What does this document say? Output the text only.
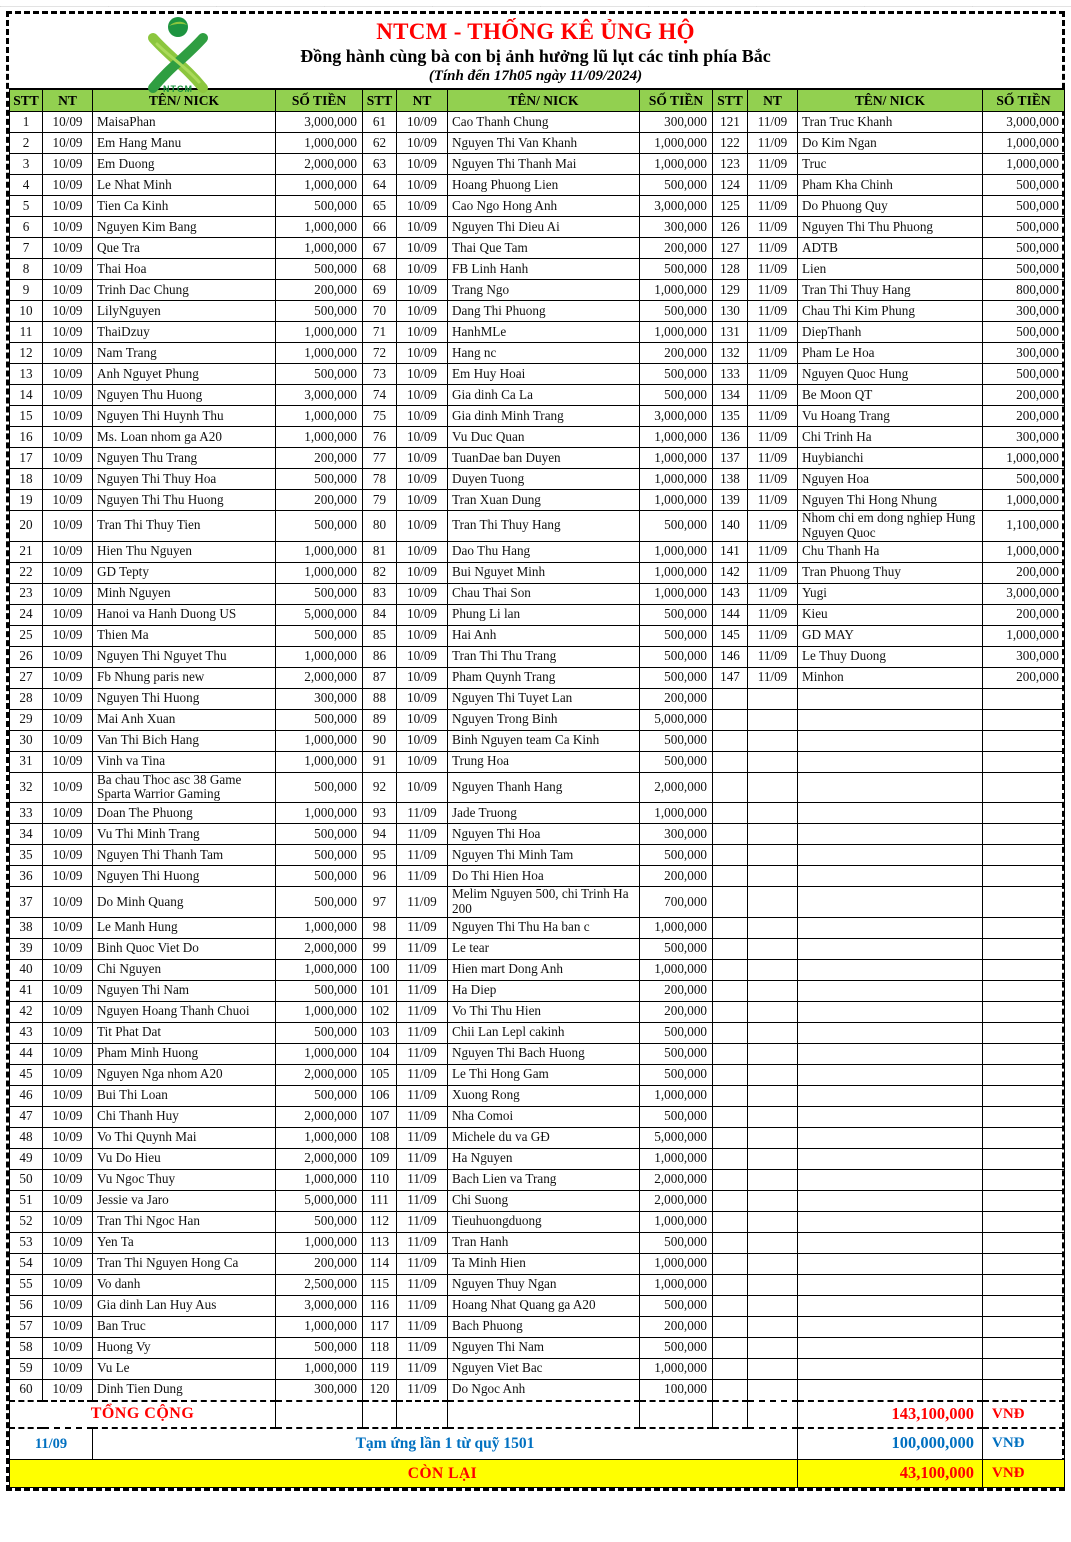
NTCM
NTCM - THỐNG KÊ ỦNG HỘ
Đồng hành cùng bà con bị ảnh hưởng lũ lụt các tỉnh phía Bắc
(Tính đến 17h05 ngày 11/09/2024)
STT	NT	TÊN/ NICK	SỐ TIỀN	STT	NT	TÊN/ NICK	SỐ TIỀN	STT	NT	TÊN/ NICK	SỐ TIỀN
1	10/09	MaisaPhan	3,000,000	61	10/09	Cao Thanh Chung	300,000	121	11/09	Tran Truc Khanh	3,000,000
2	10/09	Em Hang Manu	1,000,000	62	10/09	Nguyen Thi Van Khanh	1,000,000	122	11/09	Do Kim Ngan	1,000,000
3	10/09	Em Duong	2,000,000	63	10/09	Nguyen Thi Thanh Mai	1,000,000	123	11/09	Truc	1,000,000
4	10/09	Le Nhat Minh	1,000,000	64	10/09	Hoang Phuong Lien	500,000	124	11/09	Pham Kha Chinh	500,000
5	10/09	Tien Ca Kinh	500,000	65	10/09	Cao Ngo Hong Anh	3,000,000	125	11/09	Do Phuong Quy	500,000
6	10/09	Nguyen Kim Bang	1,000,000	66	10/09	Nguyen Thi Dieu Ai	300,000	126	11/09	Nguyen Thi Thu Phuong	500,000
7	10/09	Que Tra	1,000,000	67	10/09	Thai Que Tam	200,000	127	11/09	ADTB	500,000
8	10/09	Thai Hoa	500,000	68	10/09	FB Linh Hanh	500,000	128	11/09	Lien	500,000
9	10/09	Trinh Dac Chung	200,000	69	10/09	Trang Ngo	1,000,000	129	11/09	Tran Thi Thuy Hang	800,000
10	10/09	LilyNguyen	500,000	70	10/09	Dang Thi Phuong	500,000	130	11/09	Chau Thi Kim Phung	300,000
11	10/09	ThaiDzuy	1,000,000	71	10/09	HanhMLe	1,000,000	131	11/09	DiepThanh	500,000
12	10/09	Nam Trang	1,000,000	72	10/09	Hang nc	200,000	132	11/09	Pham Le Hoa	300,000
13	10/09	Anh Nguyet Phung	500,000	73	10/09	Em Huy Hoai	500,000	133	11/09	Nguyen Quoc Hung	500,000
14	10/09	Nguyen Thu Huong	3,000,000	74	10/09	Gia dinh Ca La	500,000	134	11/09	Be Moon QT	200,000
15	10/09	Nguyen Thi Huynh Thu	1,000,000	75	10/09	Gia dinh Minh Trang	3,000,000	135	11/09	Vu Hoang Trang	200,000
16	10/09	Ms. Loan nhom ga A20	1,000,000	76	10/09	Vu Duc Quan	1,000,000	136	11/09	Chi Trinh Ha	300,000
17	10/09	Nguyen Thu Trang	200,000	77	10/09	TuanDae ban Duyen	1,000,000	137	11/09	Huybianchi	1,000,000
18	10/09	Nguyen Thi Thuy Hoa	500,000	78	10/09	Duyen Tuong	1,000,000	138	11/09	Nguyen Hoa	500,000
19	10/09	Nguyen Thi Thu Huong	200,000	79	10/09	Tran Xuan Dung	1,000,000	139	11/09	Nguyen Thi Hong Nhung	1,000,000
20	10/09	Tran Thi Thuy Tien	500,000	80	10/09	Tran Thi Thuy Hang	500,000	140	11/09	Nhom chi em dong nghiep Hung Nguyen Quoc	1,100,000
21	10/09	Hien Thu Nguyen	1,000,000	81	10/09	Dao Thu Hang	1,000,000	141	11/09	Chu Thanh Ha	1,000,000
22	10/09	GD Tepty	1,000,000	82	10/09	Bui Nguyet Minh	1,000,000	142	11/09	Tran Phuong Thuy	200,000
23	10/09	Minh Nguyen	500,000	83	10/09	Chau Thai Son	1,000,000	143	11/09	Yugi	3,000,000
24	10/09	Hanoi va Hanh Duong US	5,000,000	84	10/09	Phung Li lan	500,000	144	11/09	Kieu	200,000
25	10/09	Thien Ma	500,000	85	10/09	Hai Anh	500,000	145	11/09	GD MAY	1,000,000
26	10/09	Nguyen Thi Nguyet Thu	1,000,000	86	10/09	Tran Thi Thu Trang	500,000	146	11/09	Le Thuy Duong	300,000
27	10/09	Fb Nhung paris new	2,000,000	87	10/09	Pham Quynh Trang	500,000	147	11/09	Minhon	200,000
28	10/09	Nguyen Thi Huong	300,000	88	10/09	Nguyen Thi Tuyet Lan	200,000				
29	10/09	Mai Anh Xuan	500,000	89	10/09	Nguyen Trong Binh	5,000,000				
30	10/09	Van Thi Bich Hang	1,000,000	90	10/09	Binh Nguyen team Ca Kinh	500,000				
31	10/09	Vinh va Tina	1,000,000	91	10/09	Trung Hoa	500,000				
32	10/09	Ba chau Thoc asc 38 Game Sparta Warrior Gaming	500,000	92	10/09	Nguyen Thanh Hang	2,000,000				
33	10/09	Doan The Phuong	1,000,000	93	11/09	Jade Truong	1,000,000				
34	10/09	Vu Thi Minh Trang	500,000	94	11/09	Nguyen Thi Hoa	300,000				
35	10/09	Nguyen Thi Thanh Tam	500,000	95	11/09	Nguyen Thi Minh Tam	500,000				
36	10/09	Nguyen Thi Huong	500,000	96	11/09	Do Thi Hien Hoa	200,000				
37	10/09	Do Minh Quang	500,000	97	11/09	Melim Nguyen 500, chi Trinh Ha 200	700,000				
38	10/09	Le Manh Hung	1,000,000	98	11/09	Nguyen Thi Thu Ha ban c	1,000,000				
39	10/09	Binh Quoc Viet Do	2,000,000	99	11/09	Le tear	500,000				
40	10/09	Chi Nguyen	1,000,000	100	11/09	Hien mart Dong Anh	1,000,000				
41	10/09	Nguyen Thi Nam	500,000	101	11/09	Ha Diep	200,000				
42	10/09	Nguyen Hoang Thanh Chuoi	1,000,000	102	11/09	Vo Thi Thu Hien	200,000				
43	10/09	Tit Phat Dat	500,000	103	11/09	Chii Lan Lepl cakinh	500,000				
44	10/09	Pham Minh Huong	1,000,000	104	11/09	Nguyen Thi Bach Huong	500,000				
45	10/09	Nguyen Nga nhom A20	2,000,000	105	11/09	Le Thi Hong Gam	500,000				
46	10/09	Bui Thi Loan	500,000	106	11/09	Xuong Rong	1,000,000				
47	10/09	Chi Thanh Huy	2,000,000	107	11/09	Nha Comoi	500,000				
48	10/09	Vo Thi Quynh Mai	1,000,000	108	11/09	Michele du va GĐ	5,000,000				
49	10/09	Vu Do Hieu	2,000,000	109	11/09	Ha Nguyen	1,000,000				
50	10/09	Vu Ngoc Thuy	1,000,000	110	11/09	Bach Lien va Trang	2,000,000				
51	10/09	Jessie va Jaro	5,000,000	111	11/09	Chi Suong	2,000,000				
52	10/09	Tran Thi Ngoc Han	500,000	112	11/09	Tieuhuongduong	1,000,000				
53	10/09	Yen Ta	1,000,000	113	11/09	Tran Hanh	500,000				
54	10/09	Tran Thi Nguyen Hong Ca	200,000	114	11/09	Ta Minh Hien	1,000,000				
55	10/09	Vo danh	2,500,000	115	11/09	Nguyen Thuy Ngan	1,000,000				
56	10/09	Gia dinh Lan Huy Aus	3,000,000	116	11/09	Hoang Nhat Quang ga A20	500,000				
57	10/09	Ban Truc	1,000,000	117	11/09	Bach Phuong	200,000				
58	10/09	Huong Vy	500,000	118	11/09	Nguyen Thi Nam	500,000				
59	10/09	Vu Le	1,000,000	119	11/09	Nguyen Viet Bac	1,000,000				
60	10/09	Dinh Tien Dung	300,000	120	11/09	Do Ngoc Anh	100,000				
TỔNG CỘNG										143,100,000	VNĐ
11/09		Tạm ứng lần 1 từ quỹ 1501								100,000,000	VNĐ
CÒN LẠI										43,100,000	VNĐ
